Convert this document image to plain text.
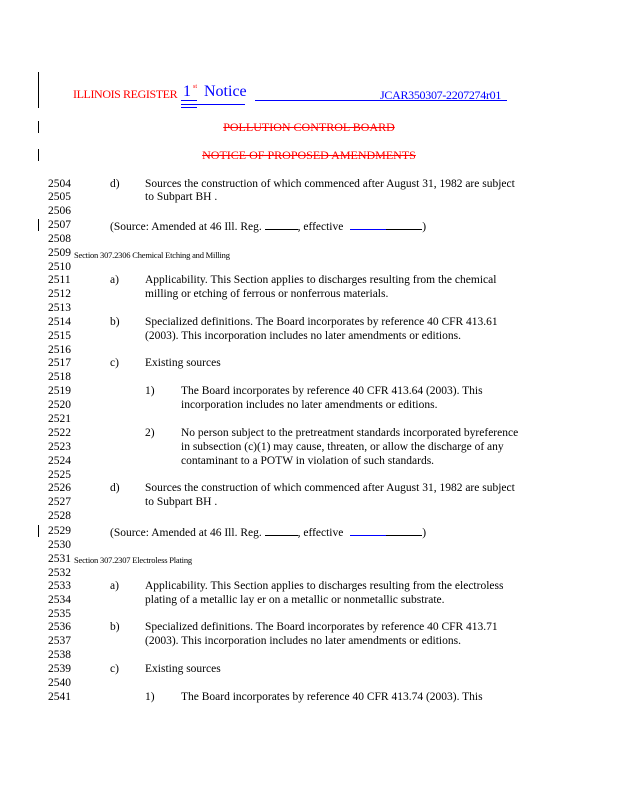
ILLINOIS REGISTER 1 st Notice	JCAR350307-2207274r01
POLLUTION CONTROL BOARD
NOTICE OF PROPOSED AMENDMENTS
2504
2505
2506
2507
2508
2509
2510
2511
2512
2513
2514
2515
2516
2517
2518
2519
2520
2521
2522
2523
2524
2525
2526
2527
2528
2529
2530
2531
2532
2533
2534
2535
2536
2537
2538
2539
2540
2541
d) Sources the construction of which commenced after August 31, 1982 are subject
to Subpart BH .
(Source: Amended at 46 Ill. Reg.	, effective	)
Section 307.2306 Chemical Etching and Milling
a) Applicability. This Section applies to discharges resulting from the chemical
milling or etching of ferrous or nonferrous materials.
b) Specialized definitions. The Board incorporates by reference 40 CFR 413.61
(2003). This incorporation includes no later amendments or editions.
c) Existing sources
1) The Board incorporates by reference 40 CFR 413.64 (2003). This
incorporation includes no later amendments or editions.
2) No person subject to the pretreatment standards incorporated byreference
in subsection (c)(1) may cause, threaten, or allow the discharge of any
contaminant to a POTW in violation of such standards.
d) Sources the construction of which commenced after August 31, 1982 are subject
to Subpart BH .
(Source: Amended at 46 Ill. Reg.	, effective	)
Section 307.2307 Electroless Plating
a) Applicability. This Section applies to discharges resulting from the electroless
plating of a metallic lay er on a metallic or nonmetallic substrate.
b) Specialized definitions. The Board incorporates by reference 40 CFR 413.71
(2003). This incorporation includes no later amendments or editions.
c) Existing sources
1) The Board incorporates by reference 40 CFR 413.74 (2003). This
